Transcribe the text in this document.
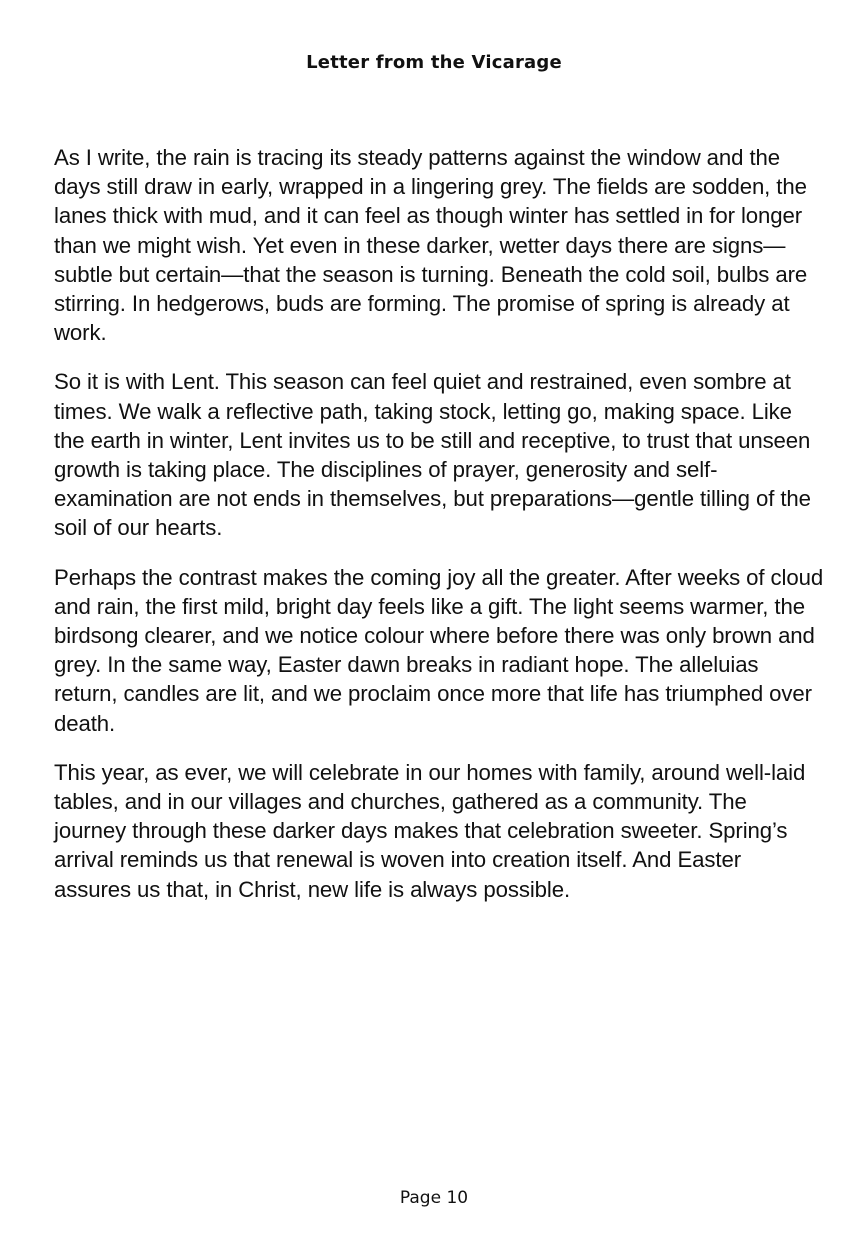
Letter from the Vicarage

As I write, the rain is tracing its steady patterns against the window and the days still draw in early, wrapped in a lingering grey. The fields are sodden, the lanes thick with mud, and it can feel as though winter has settled in for longer than we might wish. Yet even in these darker, wetter days there are signs—subtle but certain—that the season is turning. Beneath the cold soil, bulbs are stirring. In hedgerows, buds are forming. The promise of spring is already at work.

So it is with Lent. This season can feel quiet and restrained, even sombre at times. We walk a reflective path, taking stock, letting go, making space. Like the earth in winter, Lent invites us to be still and receptive, to trust that unseen growth is taking place. The disciplines of prayer, generosity and self-examination are not ends in themselves, but preparations—gentle tilling of the soil of our hearts.

Perhaps the contrast makes the coming joy all the greater. After weeks of cloud and rain, the first mild, bright day feels like a gift. The light seems warmer, the birdsong clearer, and we notice colour where before there was only brown and grey. In the same way, Easter dawn breaks in radiant hope. The alleluias return, candles are lit, and we proclaim once more that life has triumphed over death.

This year, as ever, we will celebrate in our homes with family, around well-laid tables, and in our villages and churches, gathered as a community. The journey through these darker days makes that celebration sweeter. Spring’s arrival reminds us that renewal is woven into creation itself. And Easter assures us that, in Christ, new life is always possible.

Page 10
